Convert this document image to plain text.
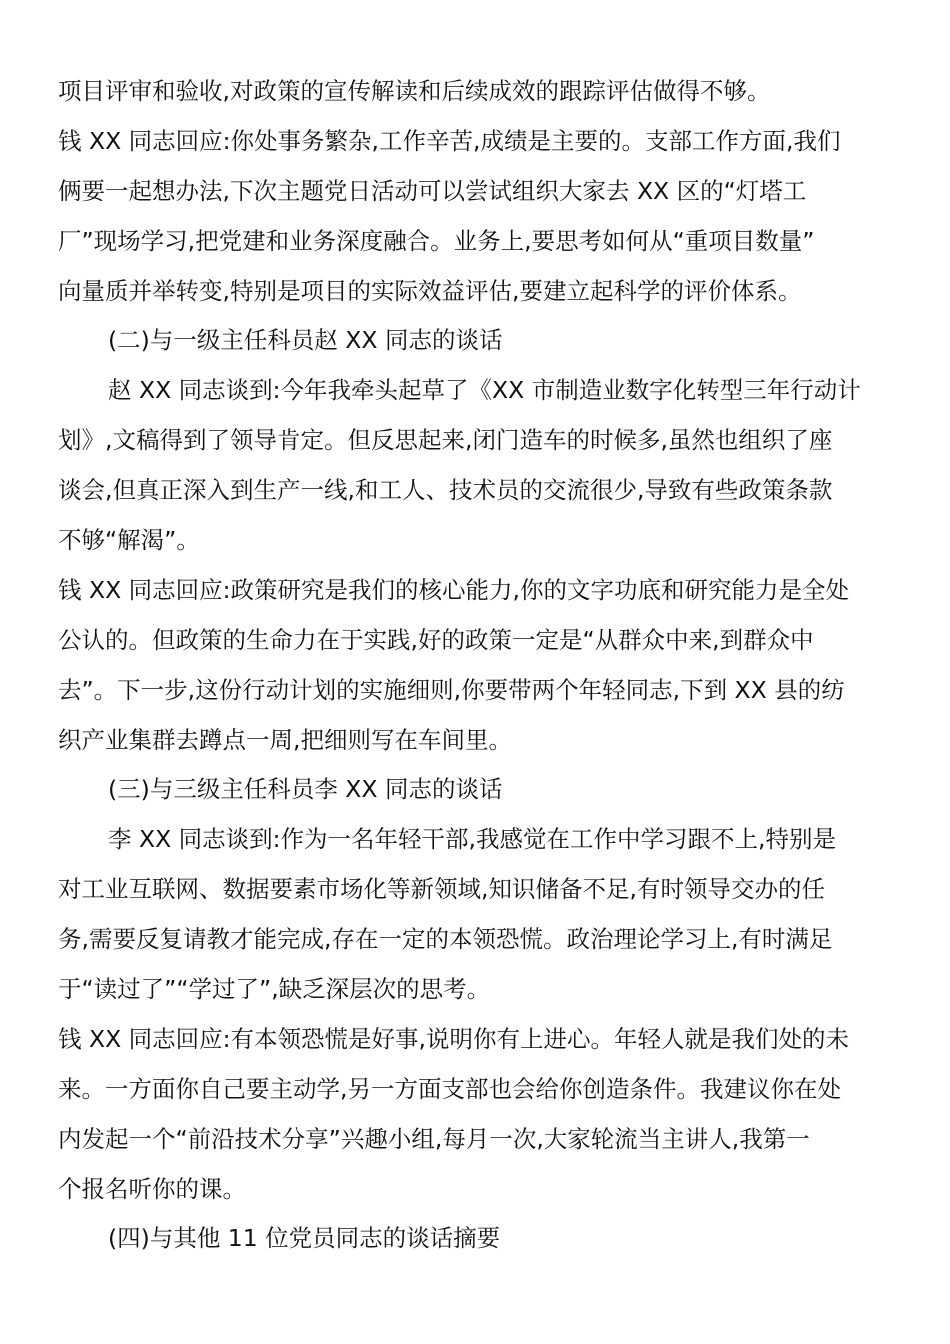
项目评审和验收,对政策的宣传解读和后续成效的跟踪评估做得不够。
钱 XX 同志回应:你处事务繁杂,工作辛苦,成绩是主要的。支部工作方面,我们
俩要一起想办法,下次主题党日活动可以尝试组织大家去 XX 区的“灯塔工
厂”现场学习,把党建和业务深度融合。业务上,要思考如何从“重项目数量”
向量质并举转变,特别是项目的实际效益评估,要建立起科学的评价体系。
(二)与一级主任科员赵 XX 同志的谈话
赵 XX 同志谈到:今年我牵头起草了《XX 市制造业数字化转型三年行动计
划》,文稿得到了领导肯定。但反思起来,闭门造车的时候多,虽然也组织了座
谈会,但真正深入到生产一线,和工人、技术员的交流很少,导致有些政策条款
不够“解渴”。
钱 XX 同志回应:政策研究是我们的核心能力,你的文字功底和研究能力是全处
公认的。但政策的生命力在于实践,好的政策一定是“从群众中来,到群众中
去”。下一步,这份行动计划的实施细则,你要带两个年轻同志,下到 XX 县的纺
织产业集群去蹲点一周,把细则写在车间里。
(三)与三级主任科员李 XX 同志的谈话
李 XX 同志谈到:作为一名年轻干部,我感觉在工作中学习跟不上,特别是
对工业互联网、数据要素市场化等新领域,知识储备不足,有时领导交办的任
务,需要反复请教才能完成,存在一定的本领恐慌。政治理论学习上,有时满足
于“读过了”“学过了”,缺乏深层次的思考。
钱 XX 同志回应:有本领恐慌是好事,说明你有上进心。年轻人就是我们处的未
来。一方面你自己要主动学,另一方面支部也会给你创造条件。我建议你在处
内发起一个“前沿技术分享”兴趣小组,每月一次,大家轮流当主讲人,我第一
个报名听你的课。
(四)与其他 11 位党员同志的谈话摘要
